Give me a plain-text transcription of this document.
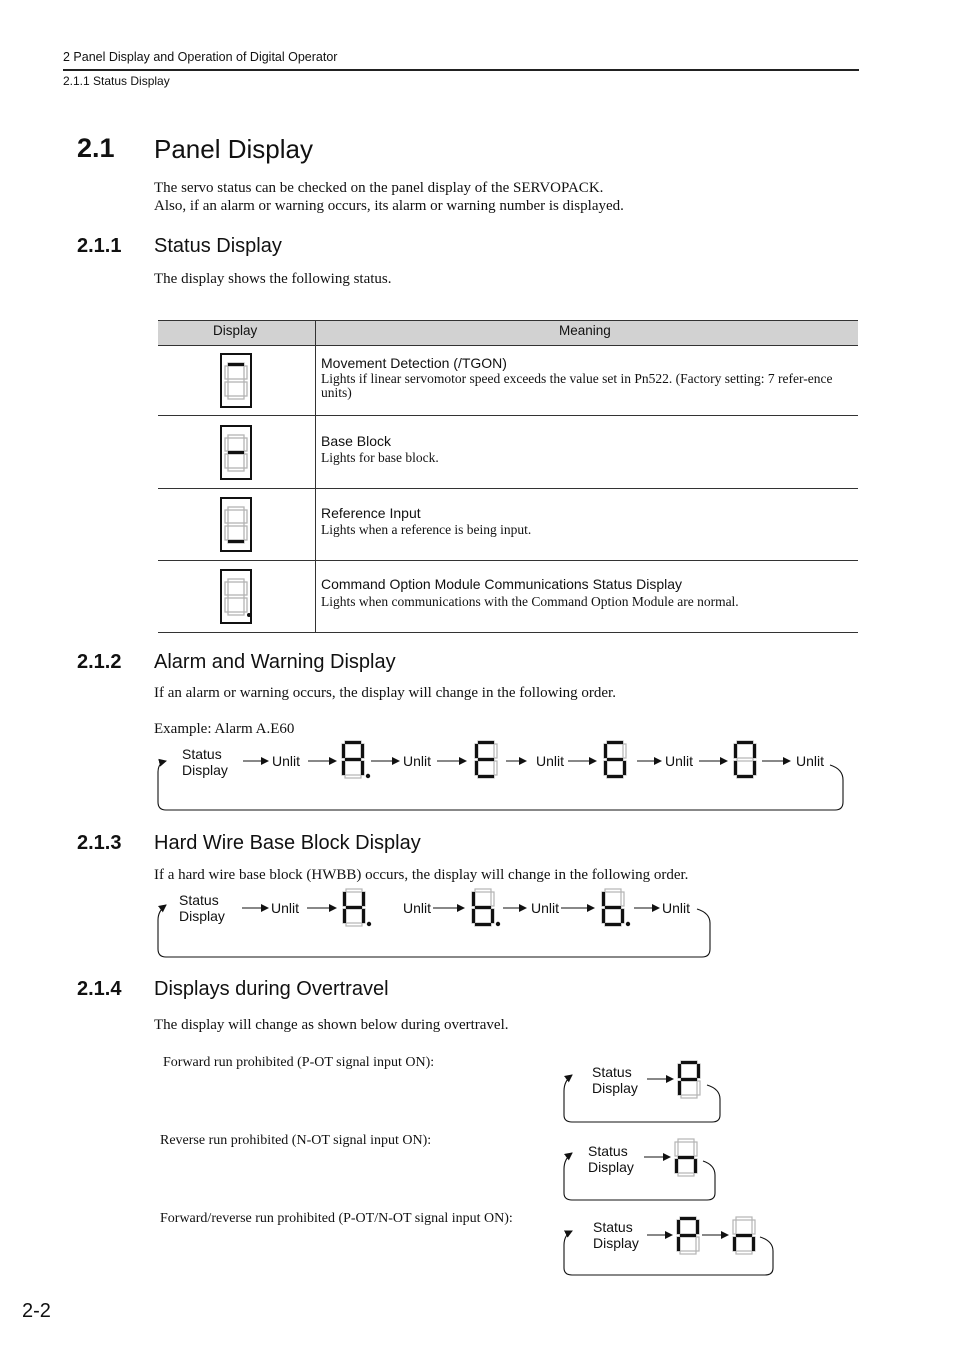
2 Panel Display and Operation of Digital Operator
2.1.1 Status Display
2.1 Panel Display
The servo status can be checked on the panel display of the SERVOPACK.
Also, if an alarm or warning occurs, its alarm or warning number is displayed.
2.1.1 Status Display
The display shows the following status.
Display	Meaning
Movement Detection (/TGON)
Lights if linear servomotor speed exceeds the value set in Pn522. (Factory setting: 7 refer-ence units)
Base Block
Lights for base block.
Reference Input
Lights when a reference is being input.
Command Option Module Communications Status Display
Lights when communications with the Command Option Module are normal.
2.1.2 Alarm and Warning Display
If an alarm or warning occurs, the display will change in the following order.
Example: Alarm A.E60
Status
Display
Unlit	Unlit	Unlit	Unlit	Unlit
2.1.3 Hard Wire Base Block Display
If a hard wire base block (HWBB) occurs, the display will change in the following order.
Status
Display	Unlit	Unlit	Unlit	Unlit
2.1.4 Displays during Overtravel
The display will change as shown below during overtravel.
Forward run prohibited (P-OT signal input ON):
Reverse run prohibited (N-OT signal input ON):
Forward/reverse run prohibited (P-OT/N-OT signal input ON):
Status
Display
Status
Display
Status
Display
2-2
